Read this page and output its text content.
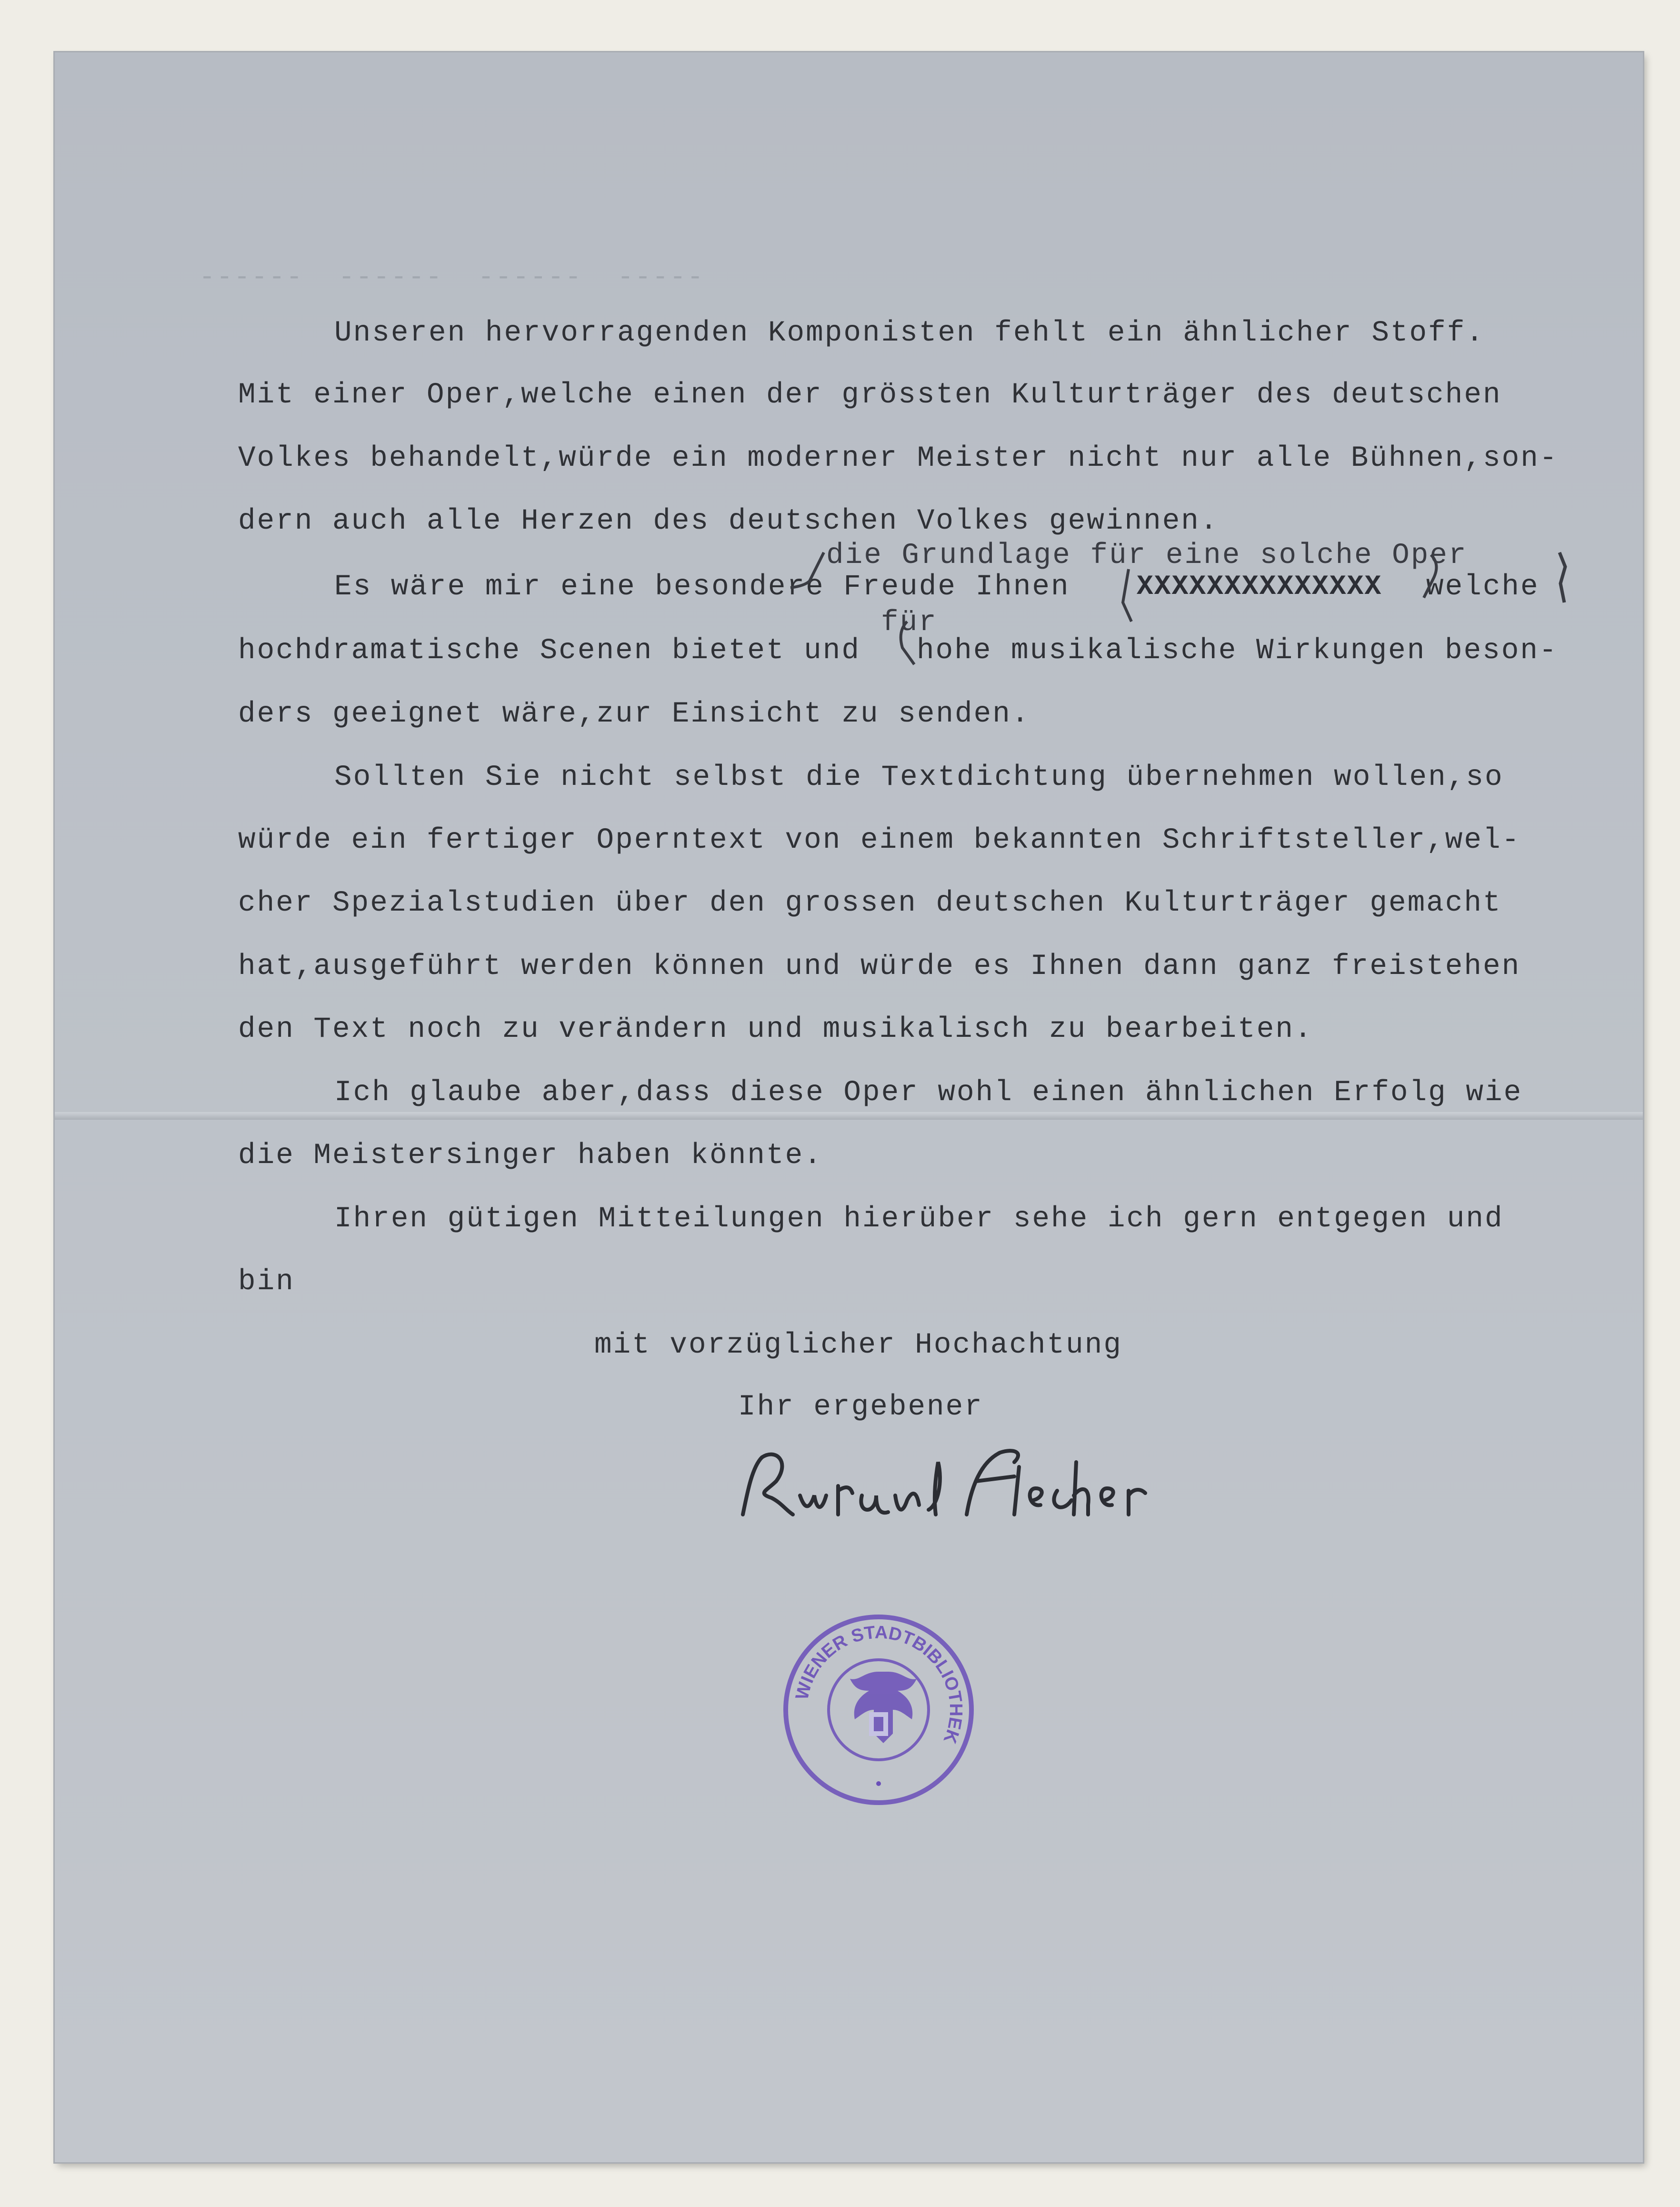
-----  ------  ------  ------
Unseren hervorragenden Komponisten fehlt ein ähnlicher Stoff.
Mit einer Oper,welche einen der grössten Kulturträger des deutschen
Volkes behandelt,würde ein moderner Meister nicht nur alle Bühnen,son-
dern auch alle Herzen des deutschen Volkes gewinnen.
die Grundlage für eine solche Oper
Es wäre mir eine besondere Freude Ihnen XXXXXXXXXXXXXX welche
für
hochdramatische Scenen bietet und hohe musikalische Wirkungen beson-
ders geeignet wäre,zur Einsicht zu senden.
Sollten Sie nicht selbst die Textdichtung übernehmen wollen,so
würde ein fertiger Operntext von einem bekannten Schriftsteller,wel-
cher Spezialstudien über den grossen deutschen Kulturträger gemacht
hat,ausgeführt werden können und würde es Ihnen dann ganz freistehen
den Text noch zu verändern und musikalisch zu bearbeiten.
Ich glaube aber,dass diese Oper wohl einen ähnlichen Erfolg wie
die Meistersinger haben könnte.
Ihren gütigen Mitteilungen hierüber sehe ich gern entgegen und
bin
mit vorzüglicher Hochachtung
Ihr ergebener
WIENER STADTBIBLIOTHEK
